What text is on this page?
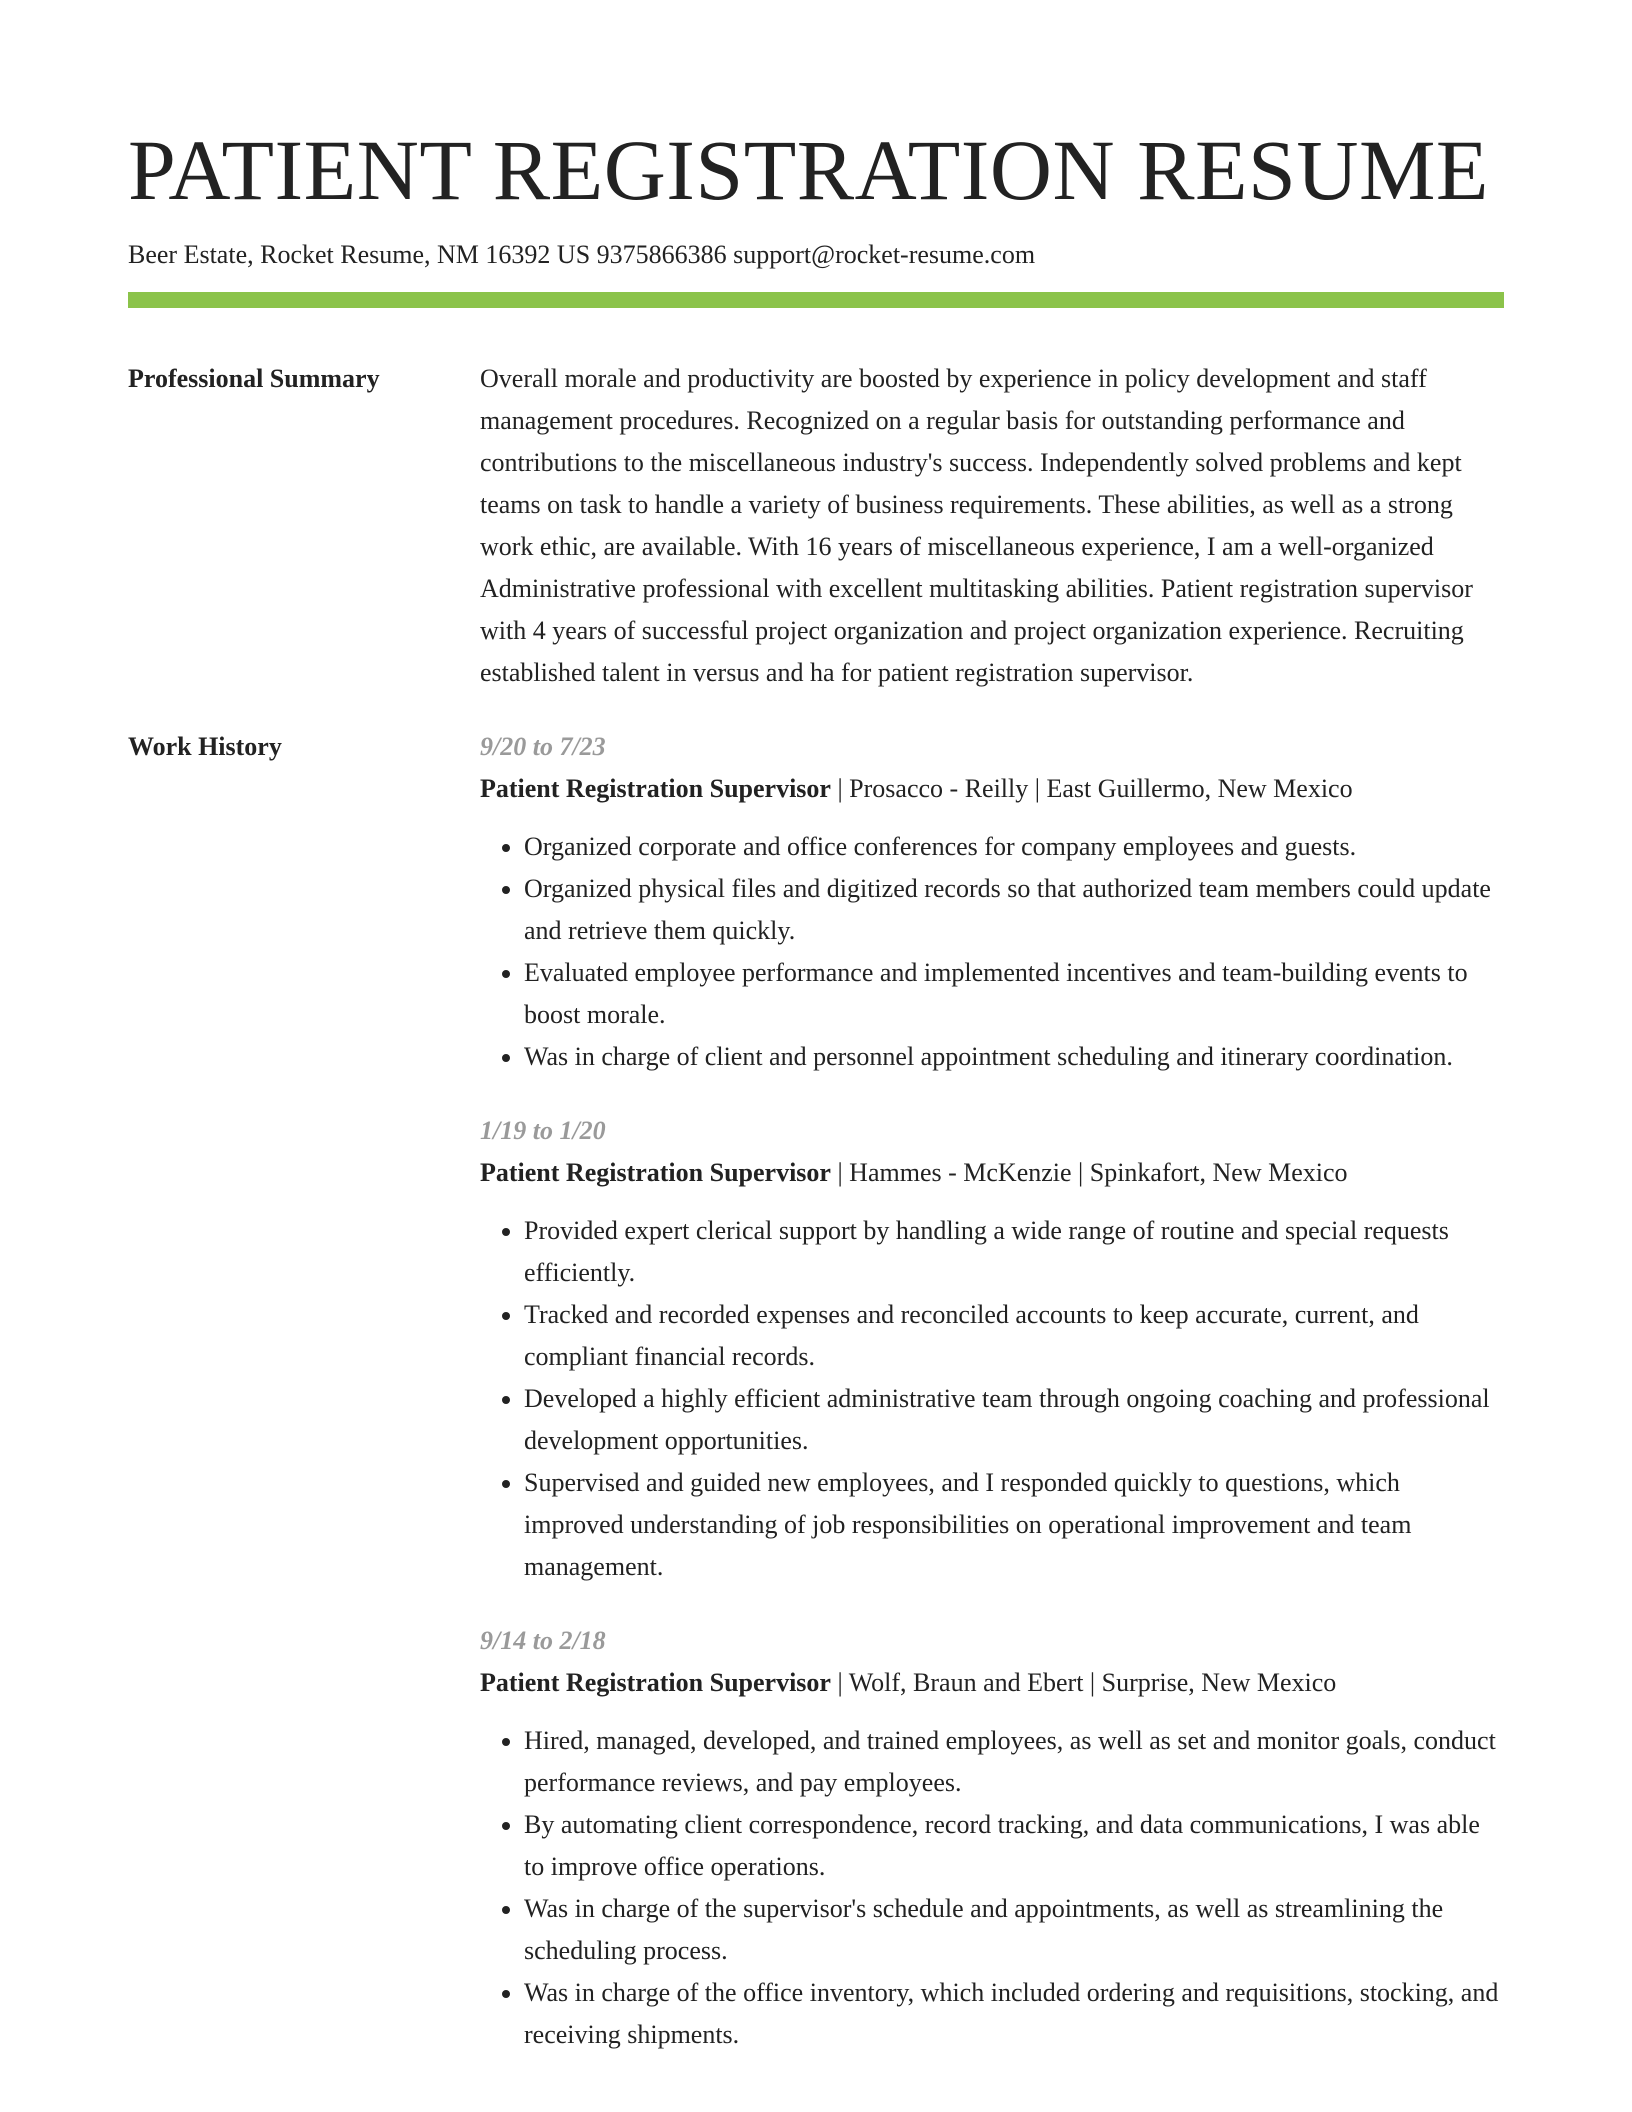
PATIENT REGISTRATION RESUME
Beer Estate, Rocket Resume, NM 16392 US 9375866386 support@rocket-resume.com
Professional Summary	Overall morale and productivity are boosted by experience in policy development and staff management procedures. Recognized on a regular basis for outstanding performance and contributions to the miscellaneous industry's success. Independently solved problems and kept teams on task to handle a variety of business requirements. These abilities, as well as a strong work ethic, are available. With 16 years of miscellaneous experience, I am a well-organized Administrative professional with excellent multitasking abilities. Patient registration supervisor with 4 years of successful project organization and project organization experience. Recruiting established talent in versus and ha for patient registration supervisor.
Work History	9/20 to 7/23
Patient Registration Supervisor | Prosacco - Reilly | East Guillermo, New Mexico
• Organized corporate and office conferences for company employees and guests.
• Organized physical files and digitized records so that authorized team members could update and retrieve them quickly.
• Evaluated employee performance and implemented incentives and team-building events to boost morale.
• Was in charge of client and personnel appointment scheduling and itinerary coordination.
1/19 to 1/20
Patient Registration Supervisor | Hammes - McKenzie | Spinkafort, New Mexico
• Provided expert clerical support by handling a wide range of routine and special requests efficiently.
• Tracked and recorded expenses and reconciled accounts to keep accurate, current, and compliant financial records.
• Developed a highly efficient administrative team through ongoing coaching and professional development opportunities.
• Supervised and guided new employees, and I responded quickly to questions, which improved understanding of job responsibilities on operational improvement and team management.
9/14 to 2/18
Patient Registration Supervisor | Wolf, Braun and Ebert | Surprise, New Mexico
• Hired, managed, developed, and trained employees, as well as set and monitor goals, conduct performance reviews, and pay employees.
• By automating client correspondence, record tracking, and data communications, I was able to improve office operations.
• Was in charge of the supervisor's schedule and appointments, as well as streamlining the scheduling process.
• Was in charge of the office inventory, which included ordering and requisitions, stocking, and receiving shipments.
